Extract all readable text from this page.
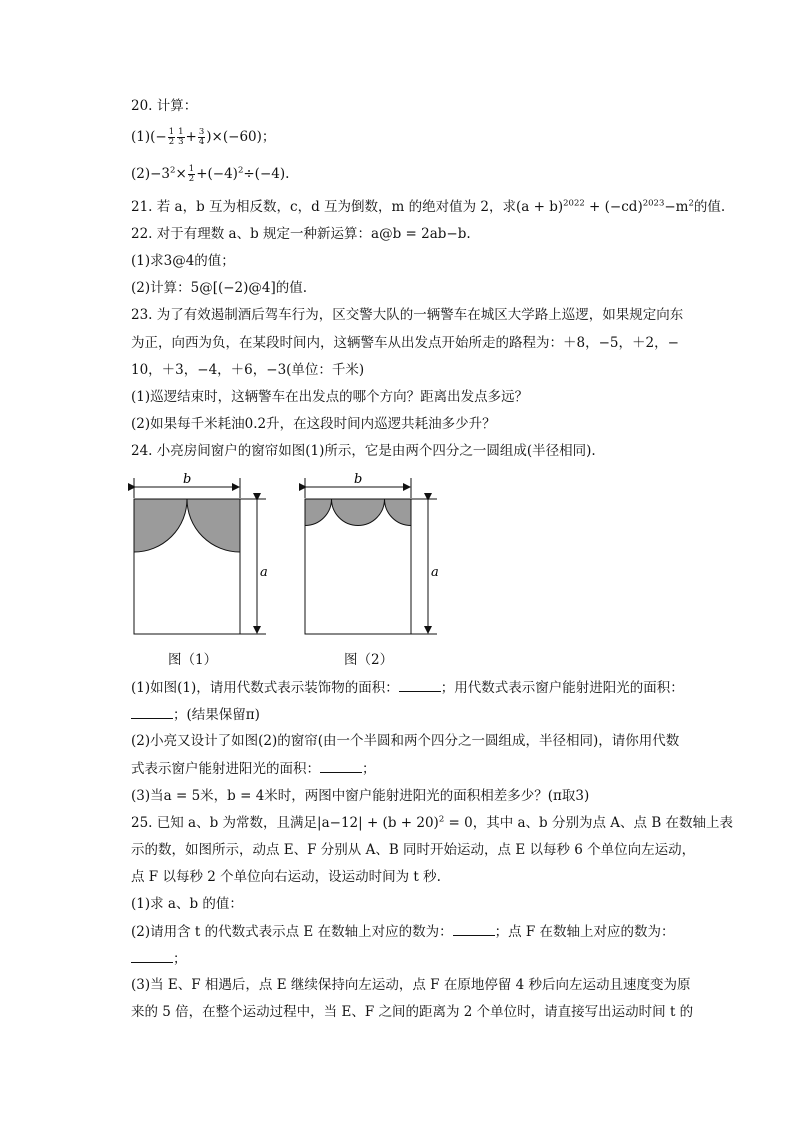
20. 计算：
$(1)(- \frac{1}{2} \frac{1}{3} + \frac{3}{4} )\times(-60)$；
$(2)-3^2\times \frac{1}{2} +(-4)^2\div(-4)$.
21. 若 a，b 互为相反数，c，d 互为倒数，m 的绝对值为 2，求$(a + b)^{2022} + (-cd)^{2023}-m^2$的值.
22. 对于有理数 a、b 规定一种新运算：a@b = 2ab−b.
(1)求3@4的值；
(2)计算：5@[(−2)@4]的值.
23. 为了有效遏制酒后驾车行为，区交警大队的一辆警车在城区大学路上巡逻，如果规定向东
为正，向西为负，在某段时间内，这辆警车从出发点开始所走的路程为：＋8，−5，＋2，−
10，＋3，−4，＋6，−3(单位：千米)
(1)巡逻结束时，这辆警车在出发点的哪个方向？距离出发点多远？
(2)如果每千米耗油0.2升，在这段时间内巡逻共耗油多少升？
24. 小亮房间窗户的窗帘如图(1)所示，它是由两个四分之一圆组成(半径相同).
b
a
图（1）
b
a
图（2）
(1)如图(1)，请用代数式表示装饰物的面积：	；用代数式表示窗户能射进阳光的面积：
；(结果保留π)
(2)小亮又设计了如图(2)的窗帘(由一个半圆和两个四分之一圆组成，半径相同)，请你用代数
式表示窗户能射进阳光的面积：	；
(3)当a = 5米，b = 4米时，两图中窗户能射进阳光的面积相差多少？(π取3)
25. 已知 a、b 为常数，且满足$|a-12| + (b + 20)^2 = 0$，其中 a、b 分别为点 A、点 B 在数轴上表
示的数，如图所示，动点 E、F 分别从 A、B 同时开始运动，点 E 以每秒 6 个单位向左运动，
点 F 以每秒 2 个单位向右运动，设运动时间为 t 秒.
(1)求 a、b 的值：
(2)请用含 t 的代数式表示点 E 在数轴上对应的数为：	；点 F 在数轴上对应的数为：
；
(3)当 E、F 相遇后，点 E 继续保持向左运动，点 F 在原地停留 4 秒后向左运动且速度变为原
来的 5 倍，在整个运动过程中，当 E、F 之间的距离为 2 个单位时，请直接写出运动时间 t 的
